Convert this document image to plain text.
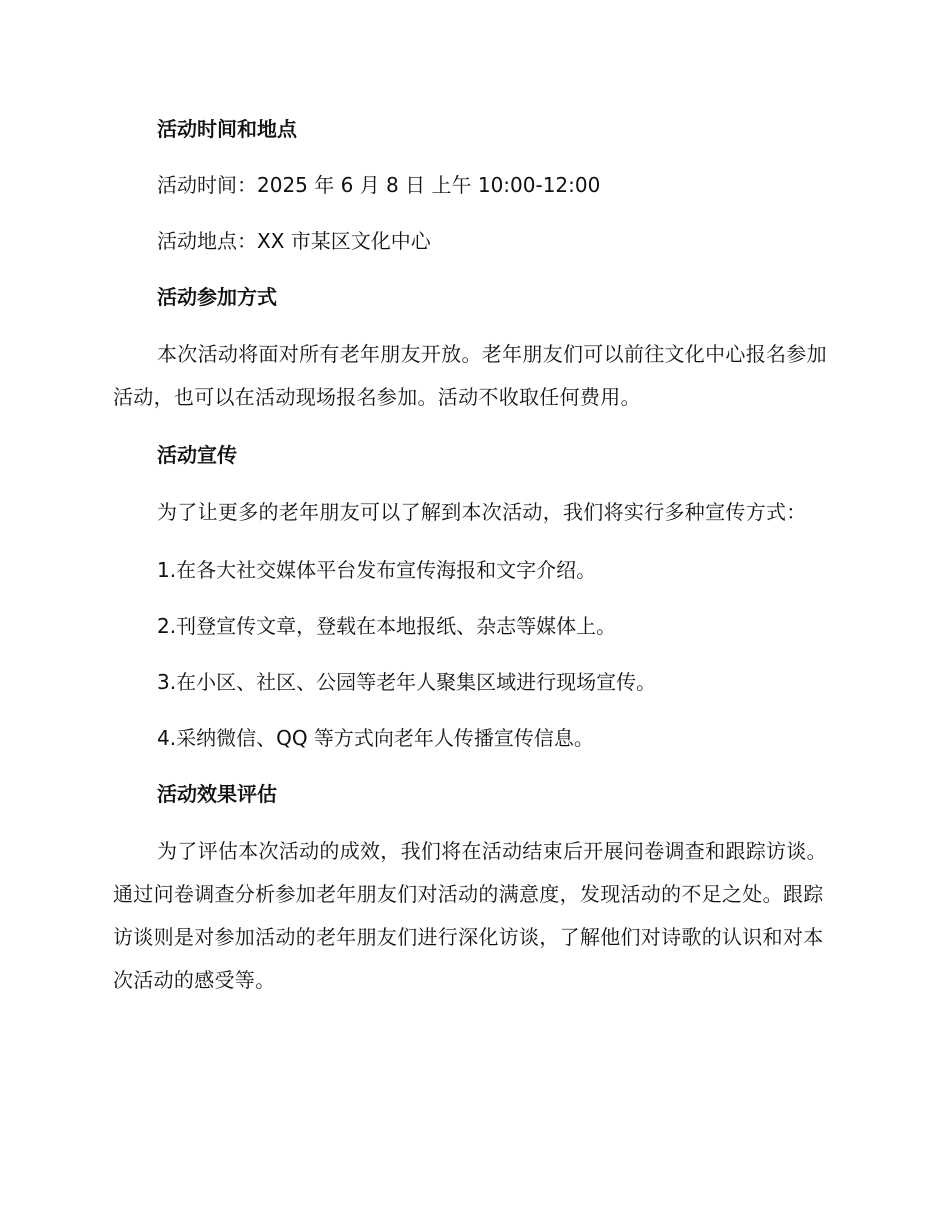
活动时间和地点
活动时间：2025 年 6 月 8 日 上午 10:00-12:00
活动地点：XX 市某区文化中心
活动参加方式

本次活动将面对所有老年朋友开放。老年朋友们可以前往文化中心报名参加活动，也可以在活动现场报名参加。活动不收取任何费用。

活动宣传

为了让更多的老年朋友可以了解到本次活动，我们将实行多种宣传方式：

1.在各大社交媒体平台发布宣传海报和文字介绍。
2.刊登宣传文章，登载在本地报纸、杂志等媒体上。
3.在小区、社区、公园等老年人聚集区域进行现场宣传。
4.采纳微信、QQ 等方式向老年人传播宣传信息。
活动效果评估

为了评估本次活动的成效，我们将在活动结束后开展问卷调查和跟踪访谈。通过问卷调查分析参加老年朋友们对活动的满意度，发现活动的不足之处。跟踪访谈则是对参加活动的老年朋友们进行深化访谈，了解他们对诗歌的认识和对本次活动的感受等。
